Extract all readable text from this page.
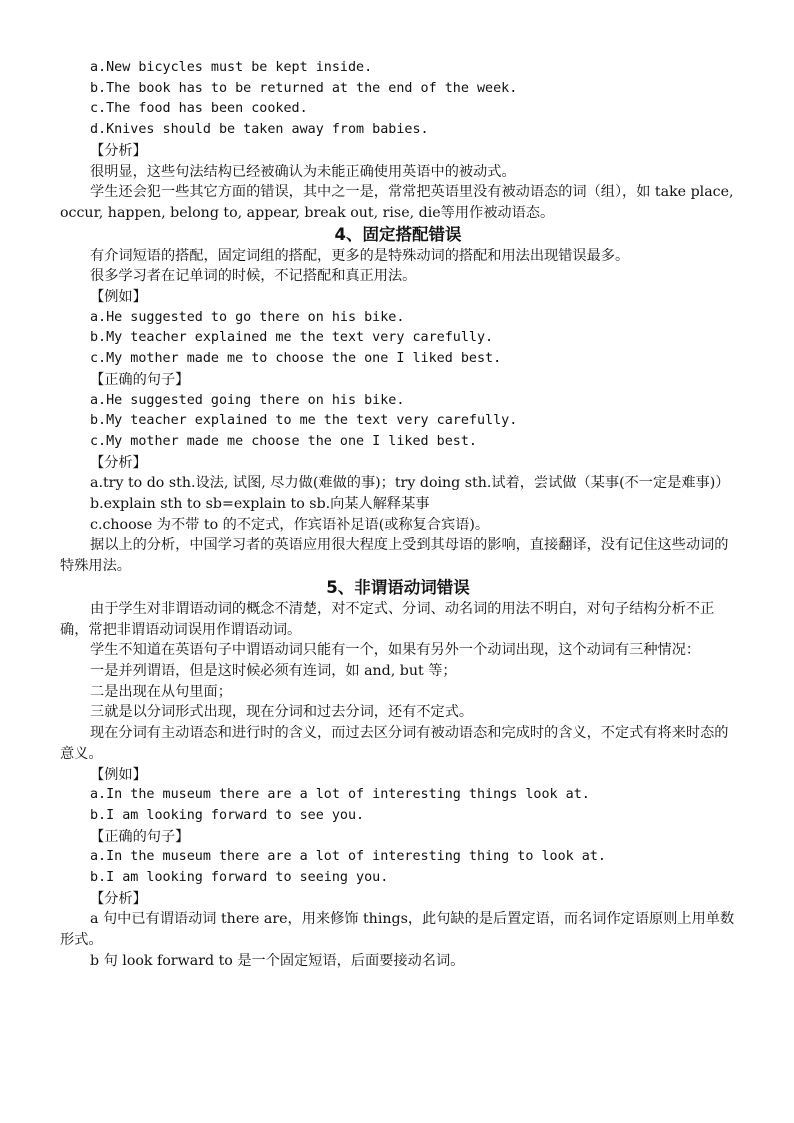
a.New bicycles must be kept inside.

b.The book has to be returned at the end of the week.

c.The food has been cooked.

d.Knives should be taken away from babies.

【分析】

很明显，这些句法结构已经被确认为未能正确使用英语中的被动式。

学生还会犯一些其它方面的错误，其中之一是，常常把英语里没有被动语态的词（组），如 take place, occur, happen, belong to, appear, break out, rise, die等用作被动语态。

4、固定搭配错误

有介词短语的搭配，固定词组的搭配，更多的是特殊动词的搭配和用法出现错误最多。

很多学习者在记单词的时候，不记搭配和真正用法。

【例如】

a.He suggested to go there on his bike.

b.My teacher explained me the text very carefully.

c.My mother made me to choose the one I liked best.

【正确的句子】

a.He suggested going there on his bike.

b.My teacher explained to me the text very carefully.

c.My mother made me choose the one I liked best.

【分析】

a.try to do sth.设法, 试图, 尽力做(难做的事)；try doing sth.试着，尝试做（某事(不一定是难事)）

b.explain sth to sb=explain to sb.向某人解释某事

c.choose 为不带 to 的不定式，作宾语补足语(或称复合宾语)。

据以上的分析，中国学习者的英语应用很大程度上受到其母语的影响，直接翻译，没有记住这些动词的特殊用法。

5、非谓语动词错误

由于学生对非谓语动词的概念不清楚，对不定式、分词、动名词的用法不明白，对句子结构分析不正确，常把非谓语动词误用作谓语动词。

学生不知道在英语句子中谓语动词只能有一个，如果有另外一个动词出现，这个动词有三种情况：

一是并列谓语，但是这时候必须有连词，如 and, but 等；

二是出现在从句里面；

三就是以分词形式出现，现在分词和过去分词，还有不定式。

现在分词有主动语态和进行时的含义，而过去区分词有被动语态和完成时的含义，不定式有将来时态的意义。

【例如】

a.In the museum there are a lot of interesting things look at.

b.I am looking forward to see you.

【正确的句子】

a.In the museum there are a lot of interesting thing to look at.

b.I am looking forward to seeing you.

【分析】

a 句中已有谓语动词 there are，用来修饰 things，此句缺的是后置定语，而名词作定语原则上用单数形式。

b 句 look forward to 是一个固定短语，后面要接动名词。
